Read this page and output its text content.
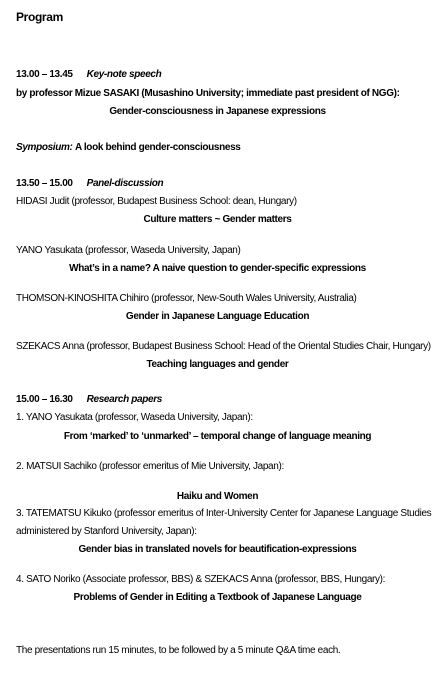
Program
13.00 – 13.45 Key-note speech
by professor Mizue SASAKI (Musashino University; immediate past president of NGG):
Gender-consciousness in Japanese expressions
Symposium: A look behind gender-consciousness
13.50 – 15.00 Panel-discussion
HIDASI Judit (professor, Budapest Business School: dean, Hungary)
Culture matters ~ Gender matters
YANO Yasukata (professor, Waseda University, Japan)
What’s in a name? A naive question to gender-specific expressions
THOMSON-KINOSHITA Chihiro (professor, New-South Wales University, Australia)
Gender in Japanese Language Education
SZEKACS Anna (professor, Budapest Business School: Head of the Oriental Studies Chair, Hungary)
Teaching languages and gender
15.00 – 16.30 Research papers
1. YANO Yasukata (professor, Waseda University, Japan):
From ‘marked’ to ‘unmarked’ – temporal change of language meaning
2. MATSUI Sachiko (professor emeritus of Mie University, Japan):
Haiku and Women
3. TATEMATSU Kikuko (professor emeritus of Inter-University Center for Japanese Language Studies
administered by Stanford University, Japan):
Gender bias in translated novels for beautification-expressions
4. SATO Noriko (Associate professor, BBS) & SZEKACS Anna (professor, BBS, Hungary):
Problems of Gender in Editing a Textbook of Japanese Language
The presentations run 15 minutes, to be followed by a 5 minute Q&A time each.
